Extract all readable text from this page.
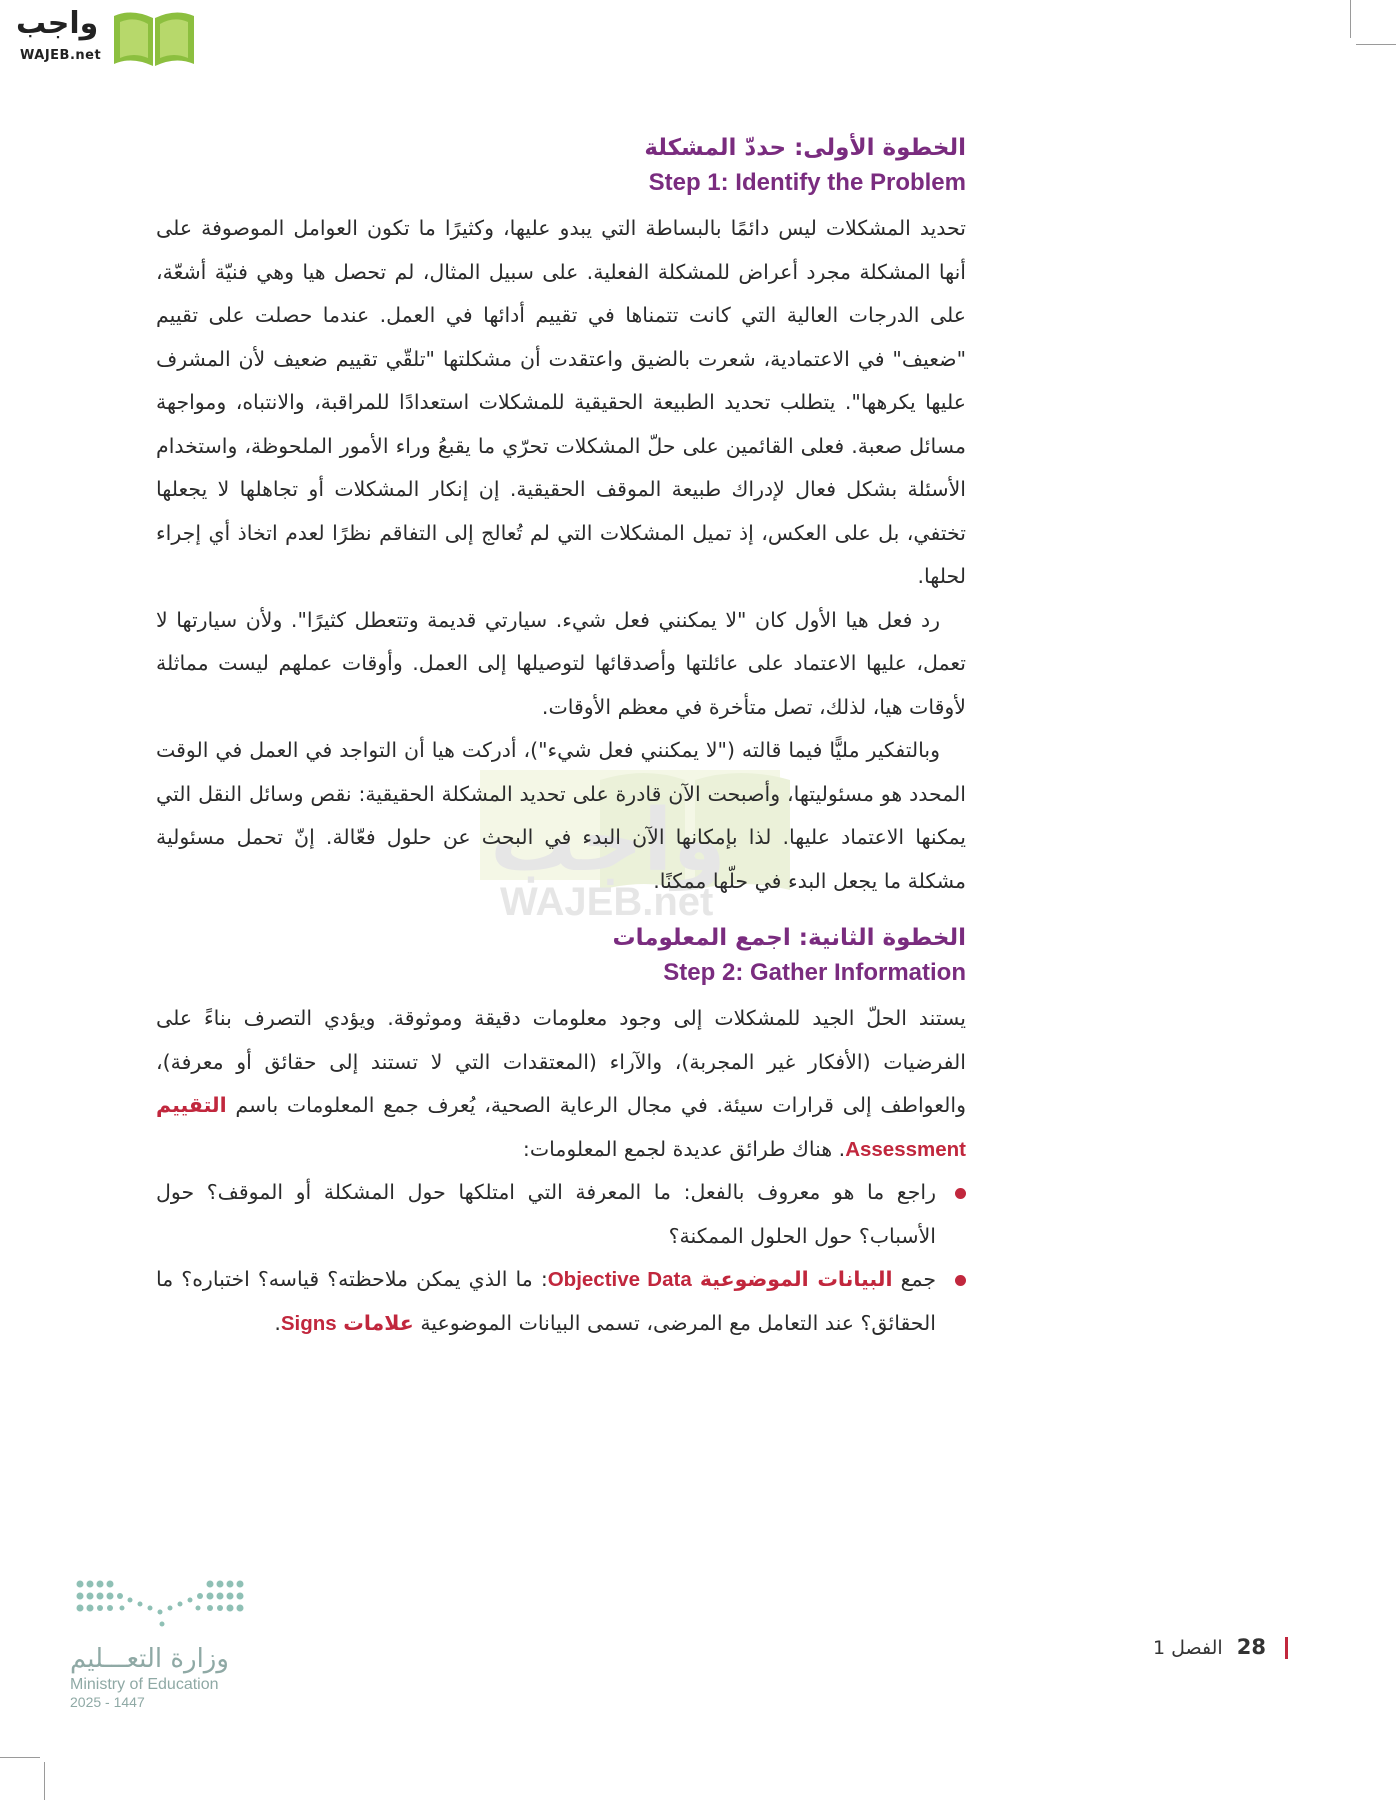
واجب
WAJEB.net
واجب
WAJEB.net
الخطوة الأولى: حددّ المشكلة
Step 1: Identify the Problem

تحديد المشكلات ليس دائمًا بالبساطة التي يبدو عليها، وكثيرًا ما تكون العوامل الموصوفة على أنها المشكلة مجرد أعراض للمشكلة الفعلية. على سبيل المثال، لم تحصل هيا وهي فنيّة أشعّة، على الدرجات العالية التي كانت تتمناها في تقييم أدائها في العمل. عندما حصلت على تقييم "ضعيف" في الاعتمادية، شعرت بالضيق واعتقدت أن مشكلتها "تلقّي تقييم ضعيف لأن المشرف عليها يكرهها". يتطلب تحديد الطبيعة الحقيقية للمشكلات استعدادًا للمراقبة، والانتباه، ومواجهة مسائل صعبة. فعلى القائمين على حلّ المشكلات تحرّي ما يقبعُ وراء الأمور الملحوظة، واستخدام الأسئلة بشكل فعال لإدراك طبيعة الموقف الحقيقية. إن إنكار المشكلات أو تجاهلها لا يجعلها تختفي، بل على العكس، إذ تميل المشكلات التي لم تُعالج إلى التفاقم نظرًا لعدم اتخاذ أي إجراء لحلها.

رد فعل هيا الأول كان "لا يمكنني فعل شيء. سيارتي قديمة وتتعطل كثيرًا". ولأن سيارتها لا تعمل، عليها الاعتماد على عائلتها وأصدقائها لتوصيلها إلى العمل. وأوقات عملهم ليست مماثلة لأوقات هيا، لذلك، تصل متأخرة في معظم الأوقات.

وبالتفكير مليًّا فيما قالته ("لا يمكنني فعل شيء")، أدركت هيا أن التواجد في العمل في الوقت المحدد هو مسئوليتها، وأصبحت الآن قادرة على تحديد المشكلة الحقيقية: نقص وسائل النقل التي يمكنها الاعتماد عليها. لذا بإمكانها الآن البدء في البحث عن حلول فعّالة. إنّ تحمل مسئولية مشكلة ما يجعل البدء في حلّها ممكنًا.

الخطوة الثانية: اجمع المعلومات
Step 2: Gather Information

يستند الحلّ الجيد للمشكلات إلى وجود معلومات دقيقة وموثوقة. ويؤدي التصرف بناءً على الفرضيات (الأفكار غير المجربة)، والآراء (المعتقدات التي لا تستند إلى حقائق أو معرفة)، والعواطف إلى قرارات سيئة. في مجال الرعاية الصحية، يُعرف جمع المعلومات باسم التقييم Assessment. هناك طرائق عديدة لجمع المعلومات:

راجع ما هو معروف بالفعل: ما المعرفة التي امتلكها حول المشكلة أو الموقف؟ حول الأسباب؟ حول الحلول الممكنة؟
جمع البيانات الموضوعية Objective Data: ما الذي يمكن ملاحظته؟ قياسه؟ اختباره؟ ما الحقائق؟ عند التعامل مع المرضى، تسمى البيانات الموضوعية علامات Signs.
وزارة التعـــليم
Ministry of Education
2025 - 1447
28 الفصل 1
